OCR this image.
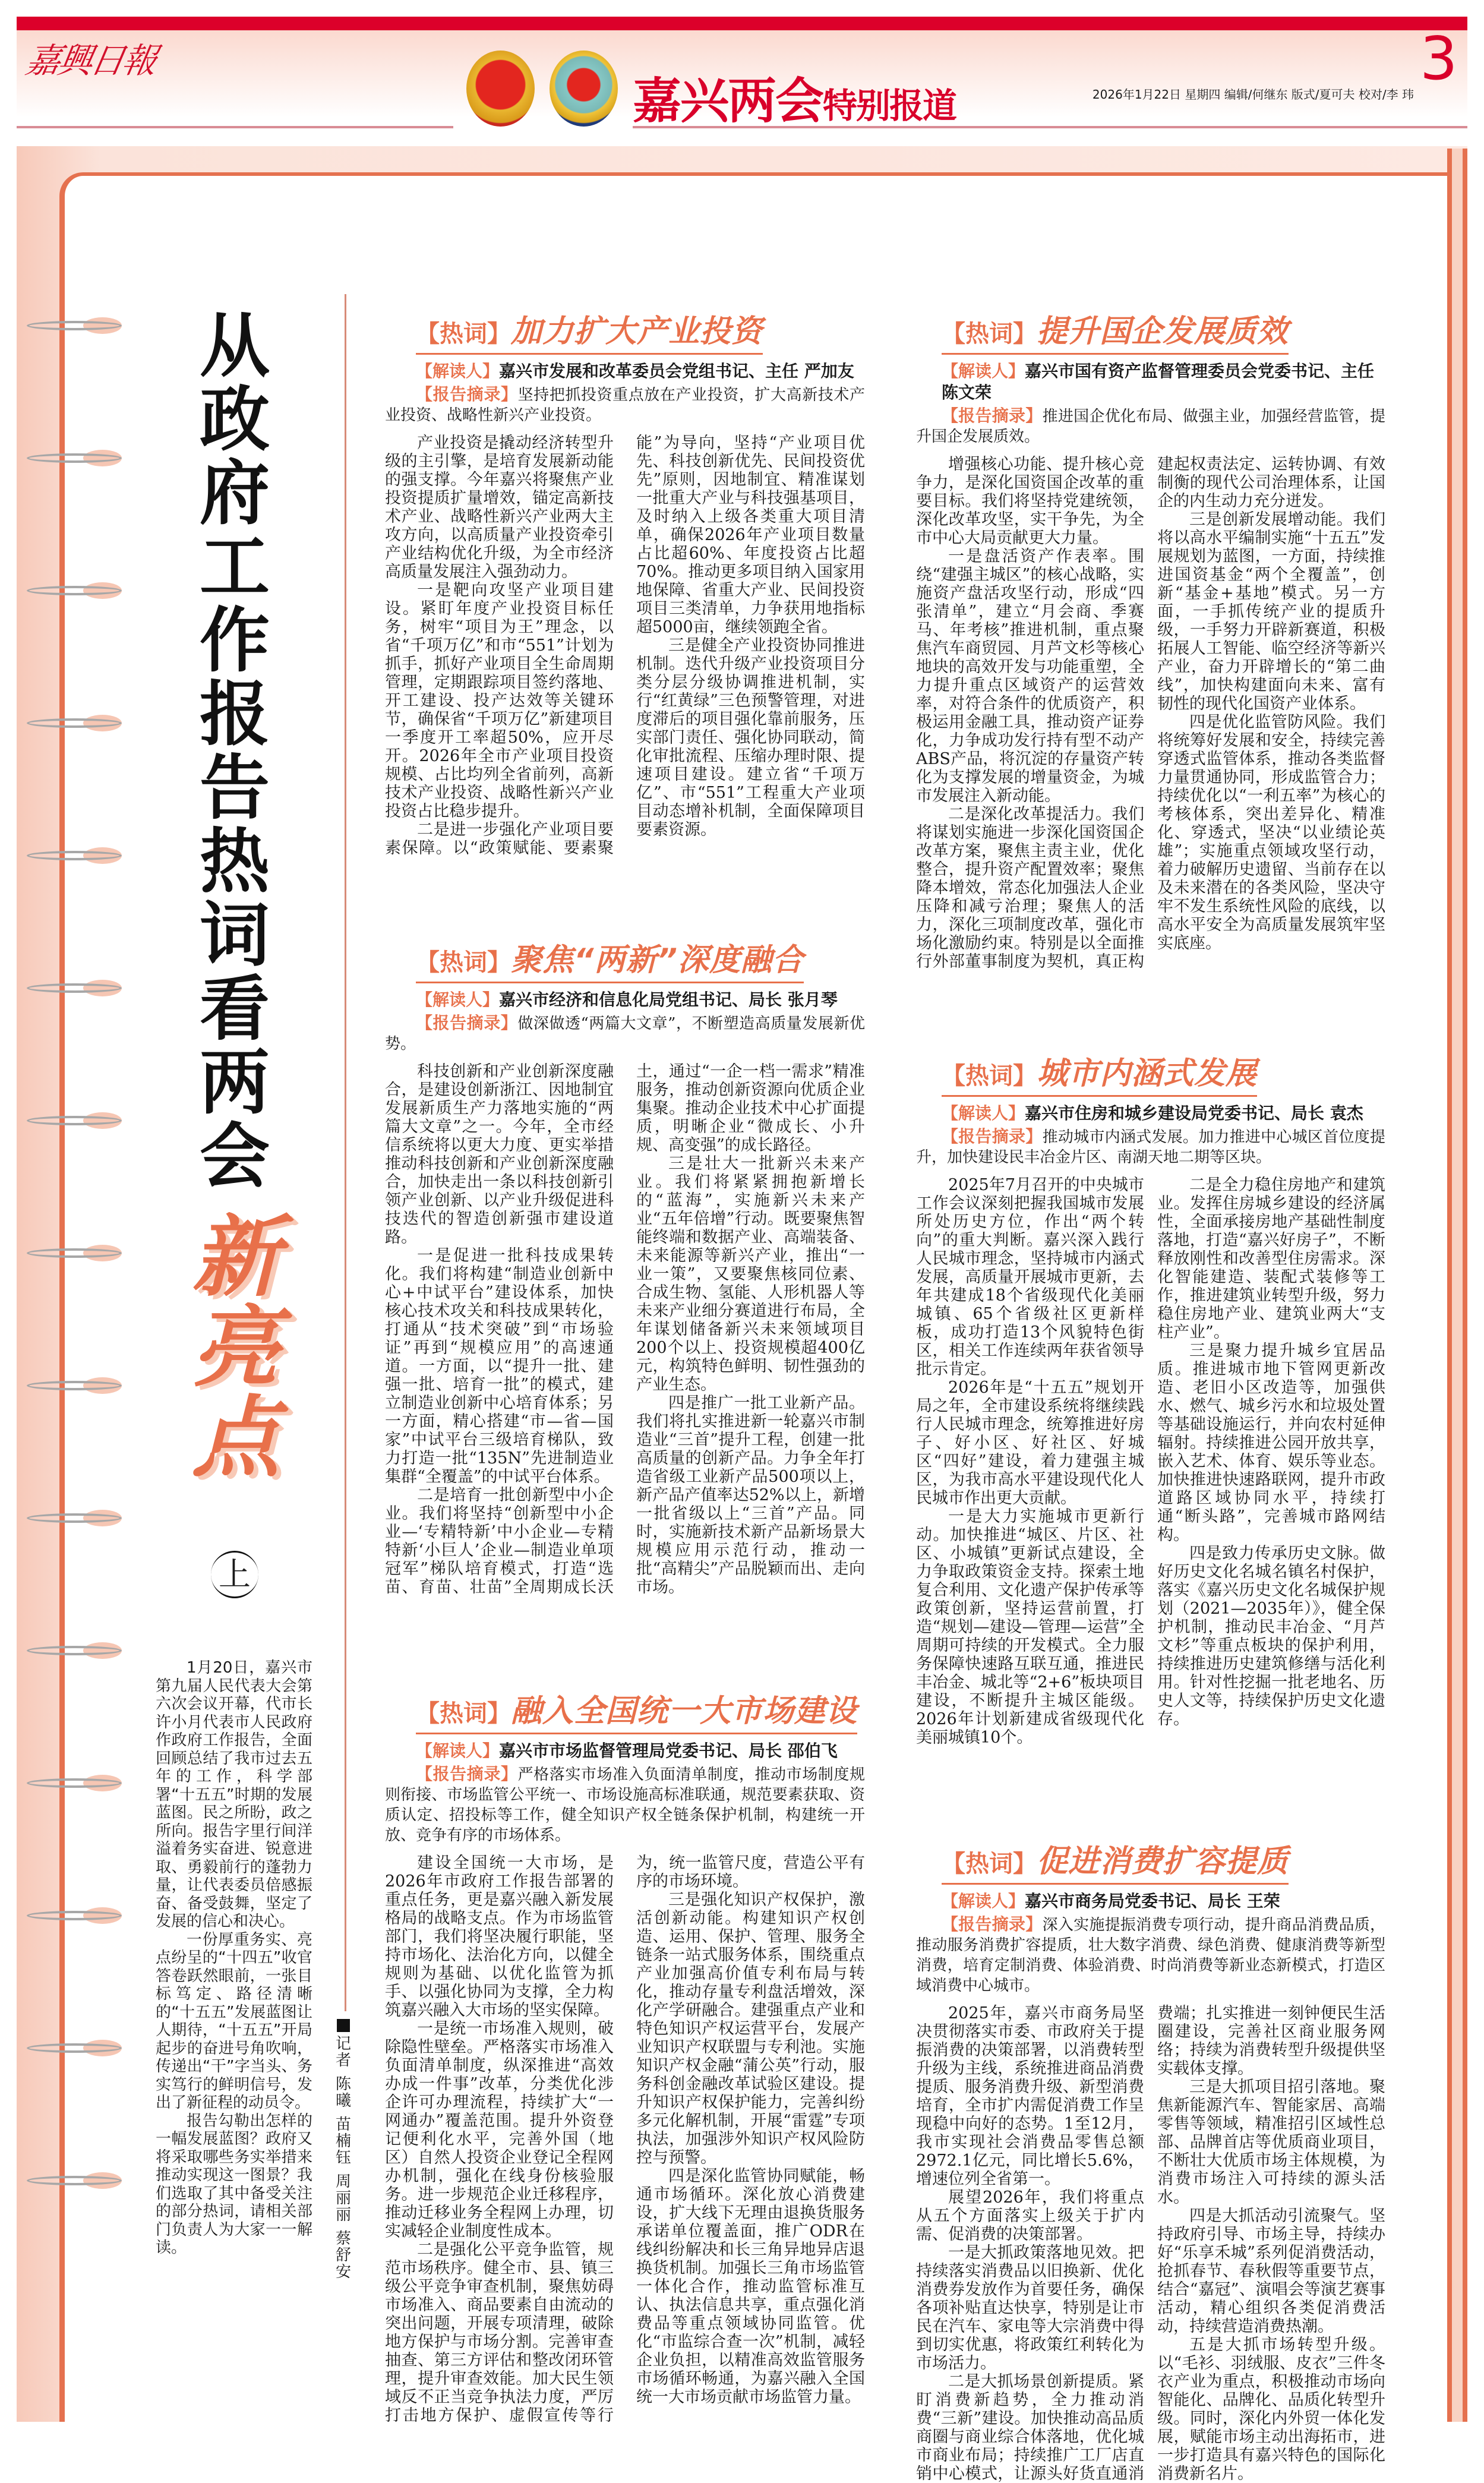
嘉興日報
嘉兴两会特别报道	2026年1月22日 星期四 编辑/何继东 版式/夏可夫 校对/李 玮
3
从
政
府
工
作
报
告
热
词
看
两
会
新
亮
点
上

1月20日，嘉兴市第九届人民代表大会第六次会议开幕，代市长许小月代表市人民政府作政府工作报告，全面回顾总结了我市过去五年的工作，科学部署“十五五”时期的发展蓝图。民之所盼，政之所向。报告字里行间洋溢着务实奋进、锐意进取、勇毅前行的蓬勃力量，让代表委员倍感振奋、备受鼓舞，坚定了发展的信心和决心。

一份厚重务实、亮点纷呈的“十四五”收官答卷跃然眼前，一张目标笃定、路径清晰的“十五五”发展蓝图让人期待，“十五五”开局起步的奋进号角吹响，传递出“干”字当头、务实笃行的鲜明信号，发出了新征程的动员令。

报告勾勒出怎样的一幅发展蓝图？政府又将采取哪些务实举措来推动实现这一图景？我们选取了其中备受关注的部分热词，请相关部门负责人为大家一一解读。

记者
陈曦
苗楠钰
周丽丽
蔡舒安
【热词】加力扩大产业投资
【解读人】嘉兴市发展和改革委员会党组书记、主任 严加友
【报告摘录】坚持把抓投资重点放在产业投资，扩大高新技术产业投资、战略性新兴产业投资。

产业投资是撬动经济转型升级的主引擎，是培育发展新动能的强支撑。今年嘉兴将聚焦产业投资提质扩量增效，锚定高新技术产业、战略性新兴产业两大主攻方向，以高质量产业投资牵引产业结构优化升级，为全市经济高质量发展注入强劲动力。

一是靶向攻坚产业项目建设。紧盯年度产业投资目标任务，树牢“项目为王”理念，以省“千项万亿”和市“551”计划为抓手，抓好产业项目全生命周期管理，定期跟踪项目签约落地、开工建设、投产达效等关键环节，确保省“千项万亿”新建项目一季度开工率超50%，应开尽开。2026年全市产业项目投资规模、占比均列全省前列，高新技术产业投资、战略性新兴产业投资占比稳步提升。

二是进一步强化产业项目要素保障。以“政策赋能、要素聚能”为导向，坚持“产业项目优先、科技创新优先、民间投资优先”原则，因地制宜、精准谋划一批重大产业与科技强基项目，及时纳入上级各类重大项目清单，确保2026年产业项目数量占比超60%、年度投资占比超70%。推动更多项目纳入国家用地保障、省重大产业、民间投资项目三类清单，力争获用地指标超5000亩，继续领跑全省。

三是健全产业投资协同推进机制。迭代升级产业投资项目分类分层分级协调推进机制，实行“红黄绿”三色预警管理，对进度滞后的项目强化靠前服务，压实部门责任、强化协同联动，简化审批流程、压缩办理时限、提速项目建设。建立省“千项万亿”、市“551”工程重大产业项目动态增补机制，全面保障项目要素资源。

【热词】聚焦“两新”深度融合
【解读人】嘉兴市经济和信息化局党组书记、局长 张月琴
【报告摘录】做深做透“两篇大文章”，不断塑造高质量发展新优势。

科技创新和产业创新深度融合，是建设创新浙江、因地制宜发展新质生产力落地实施的“两篇大文章”之一。今年，全市经信系统将以更大力度、更实举措推动科技创新和产业创新深度融合，加快走出一条以科技创新引领产业创新、以产业升级促进科技迭代的智造创新强市建设道路。

一是促进一批科技成果转化。我们将构建“制造业创新中心+中试平台”建设体系，加快核心技术攻关和科技成果转化，打通从“技术突破”到“市场验证”再到“规模应用”的高速通道。一方面，以“提升一批、建强一批、培育一批”的模式，建立制造业创新中心培育体系；另一方面，精心搭建“市—省—国家”中试平台三级培育梯队，致力打造一批“135N”先进制造业集群“全覆盖”的中试平台体系。

二是培育一批创新型中小企业。我们将坚持“创新型中小企业—‘专精特新’中小企业—专精特新‘小巨人’企业—制造业单项冠军”梯队培育模式，打造“选苗、育苗、壮苗”全周期成长沃土，通过“一企一档一需求”精准服务，推动创新资源向优质企业集聚。推动企业技术中心扩面提质，明晰企业“微成长、小升规、高变强”的成长路径。

三是壮大一批新兴未来产业。我们将紧紧拥抱新增长的“蓝海”，实施新兴未来产业“五年倍增”行动。既要聚焦智能终端和数据产业、高端装备、未来能源等新兴产业，推出“一业一策”，又要聚焦核同位素、合成生物、氢能、人形机器人等未来产业细分赛道进行布局，全年谋划储备新兴未来领域项目200个以上、投资规模超400亿元，构筑特色鲜明、韧性强劲的产业生态。

四是推广一批工业新产品。我们将扎实推进新一轮嘉兴市制造业“三首”提升工程，创建一批高质量的创新产品。力争全年打造省级工业新产品500项以上，新产品产值率达52%以上，新增一批省级以上“三首”产品。同时，实施新技术新产品新场景大规模应用示范行动，推动一批“高精尖”产品脱颖而出、走向市场。

【热词】融入全国统一大市场建设
【解读人】嘉兴市市场监督管理局党委书记、局长 邵伯飞
【报告摘录】严格落实市场准入负面清单制度，推动市场制度规则衔接、市场监管公平统一、市场设施高标准联通，规范要素获取、资质认定、招投标等工作，健全知识产权全链条保护机制，构建统一开放、竞争有序的市场体系。

建设全国统一大市场，是2026年市政府工作报告部署的重点任务，更是嘉兴融入新发展格局的战略支点。作为市场监管部门，我们将坚决履行职能，坚持市场化、法治化方向，以健全规则为基础、以优化监管为抓手、以强化协同为支撑，全力构筑嘉兴融入大市场的坚实保障。

一是统一市场准入规则，破除隐性壁垒。严格落实市场准入负面清单制度，纵深推进“高效办成一件事”改革，分类优化涉企许可办理流程，持续扩大“一网通办”覆盖范围。提升外资登记便利化水平，完善外国（地区）自然人投资企业登记全程网办机制，强化在线身份核验服务。进一步规范企业迁移程序，推动迁移业务全程网上办理，切实减轻企业制度性成本。

二是强化公平竞争监管，规范市场秩序。健全市、县、镇三级公平竞争审查机制，聚焦妨碍市场准入、商品要素自由流动的突出问题，开展专项清理，破除地方保护与市场分割。完善审查抽查、第三方评估和整改闭环管理，提升审查效能。加大民生领域反不正当竞争执法力度，严厉打击地方保护、虚假宣传等行为，统一监管尺度，营造公平有序的市场环境。

三是强化知识产权保护，激活创新动能。构建知识产权创造、运用、保护、管理、服务全链条一站式服务体系，围绕重点产业加强高价值专利布局与转化，推动存量专利盘活增效，深化产学研融合。建强重点产业和特色知识产权运营平台，发展产业知识产权联盟与专利池。实施知识产权金融“蒲公英”行动，服务科创金融改革试验区建设。提升知识产权保护能力，完善纠纷多元化解机制，开展“雷霆”专项执法，加强涉外知识产权风险防控与预警。

四是深化监管协同赋能，畅通市场循环。深化放心消费建设，扩大线下无理由退换货服务承诺单位覆盖面，推广ODR在线纠纷解决和长三角异地异店退换货机制。加强长三角市场监管一体化合作，推动监管标准互认、执法信息共享，重点强化消费品等重点领域协同监管。优化“市监综合查一次”机制，减轻企业负担，以精准高效监管服务市场循环畅通，为嘉兴融入全国统一大市场贡献市场监管力量。

【热词】提升国企发展质效
【解读人】嘉兴市国有资产监督管理委员会党委书记、主任 陈文荣
【报告摘录】推进国企优化布局、做强主业，加强经营监管，提升国企发展质效。

增强核心功能、提升核心竞争力，是深化国资国企改革的重要目标。我们将坚持党建统领，深化改革攻坚，实干争先，为全市中心大局贡献更大力量。

一是盘活资产作表率。围绕“建强主城区”的核心战略，实施资产盘活攻坚行动，形成“四张清单”，建立“月会商、季赛马、年考核”推进机制，重点聚焦汽车商贸园、月芦文杉等核心地块的高效开发与功能重塑，全力提升重点区域资产的运营效率，对符合条件的优质资产，积极运用金融工具，推动资产证券化，力争成功发行持有型不动产ABS产品，将沉淀的存量资产转化为支撑发展的增量资金，为城市发展注入新动能。

二是深化改革提活力。我们将谋划实施进一步深化国资国企改革方案，聚焦主责主业，优化整合，提升资产配置效率；聚焦降本增效，常态化加强法人企业压降和减亏治理；聚焦人的活力，深化三项制度改革，强化市场化激励约束。特别是以全面推行外部董事制度为契机，真正构建起权责法定、运转协调、有效制衡的现代公司治理体系，让国企的内生动力充分迸发。

三是创新发展增动能。我们将以高水平编制实施“十五五”发展规划为蓝图，一方面，持续推进国资基金“两个全覆盖”，创新“基金+基地”模式。另一方面，一手抓传统产业的提质升级，一手努力开辟新赛道，积极拓展人工智能、临空经济等新兴产业，奋力开辟增长的“第二曲线”，加快构建面向未来、富有韧性的现代化国资产业体系。

四是优化监管防风险。我们将统筹好发展和安全，持续完善穿透式监管体系，推动各类监督力量贯通协同，形成监管合力；持续优化以“一利五率”为核心的考核体系，突出差异化、精准化、穿透式，坚决“以业绩论英雄”；实施重点领域攻坚行动，着力破解历史遗留、当前存在以及未来潜在的各类风险，坚决守牢不发生系统性风险的底线，以高水平安全为高质量发展筑牢坚实底座。

【热词】城市内涵式发展
【解读人】嘉兴市住房和城乡建设局党委书记、局长 袁杰
【报告摘录】推动城市内涵式发展。加力推进中心城区首位度提升，加快建设民丰冶金片区、南湖天地二期等区块。

2025年7月召开的中央城市工作会议深刻把握我国城市发展所处历史方位，作出“两个转向”的重大判断。嘉兴深入践行人民城市理念，坚持城市内涵式发展，高质量开展城市更新，去年共建成18个省级现代化美丽城镇、65个省级社区更新样板，成功打造13个风貌特色街区，相关工作连续两年获省领导批示肯定。

2026年是“十五五”规划开局之年，全市建设系统将继续践行人民城市理念，统筹推进好房子、好小区、好社区、好城区“四好”建设，着力建强主城区，为我市高水平建设现代化人民城市作出更大贡献。

一是大力实施城市更新行动。加快推进“城区、片区、社区、小城镇”更新试点建设，全力争取政策资金支持。探索土地复合利用、文化遗产保护传承等政策创新，坚持运营前置，打造“规划—建设—管理—运营”全周期可持续的开发模式。全力服务保障快速路互联互通，推进民丰冶金、城北等“2+6”板块项目建设，不断提升主城区能级。2026年计划新建成省级现代化美丽城镇10个。

二是全力稳住房地产和建筑业。发挥住房城乡建设的经济属性，全面承接房地产基础性制度落地，打造“嘉兴好房子”，不断释放刚性和改善型住房需求。深化智能建造、装配式装修等工作，推进建筑业转型升级，努力稳住房地产业、建筑业两大“支柱产业”。

三是聚力提升城乡宜居品质。推进城市地下管网更新改造、老旧小区改造等，加强供水、燃气、城乡污水和垃圾处置等基础设施运行，并向农村延伸辐射。持续推进公园开放共享，嵌入艺术、体育、娱乐等业态。加快推进快速路联网，提升市政道路区域协同水平，持续打通“断头路”，完善城市路网结构。

四是致力传承历史文脉。做好历史文化名城名镇名村保护，落实《嘉兴历史文化名城保护规划（2021—2035年）》，健全保护机制，推动民丰冶金、“月芦文杉”等重点板块的保护利用，持续推进历史建筑修缮与活化利用。针对性挖掘一批老地名、历史人文等，持续保护历史文化遗存。

【热词】促进消费扩容提质
【解读人】嘉兴市商务局党委书记、局长 王荣
【报告摘录】深入实施提振消费专项行动，提升商品消费品质，推动服务消费扩容提质，壮大数字消费、绿色消费、健康消费等新型消费，培育定制消费、体验消费、时尚消费等新业态新模式，打造区域消费中心城市。

2025年，嘉兴市商务局坚决贯彻落实市委、市政府关于提振消费的决策部署，以消费转型升级为主线，系统推进商品消费提质、服务消费升级、新型消费培育，全市扩内需促消费工作呈现稳中向好的态势。1至12月，我市实现社会消费品零售总额2972.1亿元，同比增长5.6%，增速位列全省第一。

展望2026年，我们将重点从五个方面落实上级关于扩内需、促消费的决策部署。

一是大抓政策落地见效。把持续落实消费品以旧换新、优化消费券发放作为首要任务，确保各项补贴直达快享，特别是让市民在汽车、家电等大宗消费中得到切实优惠，将政策红利转化为市场活力。

二是大抓场景创新提质。紧盯消费新趋势，全力推动消费“三新”建设。加快推动高品质商圈与商业综合体落地，优化城市商业布局；持续推广工厂店直销中心模式，让源头好货直通消费端；扎实推进一刻钟便民生活圈建设，完善社区商业服务网络；持续为消费转型升级提供坚实载体支撑。

三是大抓项目招引落地。聚焦新能源汽车、智能家居、高端零售等领域，精准招引区域性总部、品牌首店等优质商业项目，不断壮大优质市场主体规模，为消费市场注入可持续的源头活水。

四是大抓活动引流聚气。坚持政府引导、市场主导，持续办好“乐享禾城”系列促消费活动，抢抓春节、春秋假等重要节点，结合“嘉冠”、演唱会等演艺赛事活动，精心组织各类促消费活动，持续营造消费热潮。

五是大抓市场转型升级。以“毛衫、羽绒服、皮衣”三件冬衣产业为重点，积极推动市场向智能化、品牌化、品质化转型升级。同时，深化内外贸一体化发展，赋能市场主动出海拓市，进一步打造具有嘉兴特色的国际化消费新名片。
